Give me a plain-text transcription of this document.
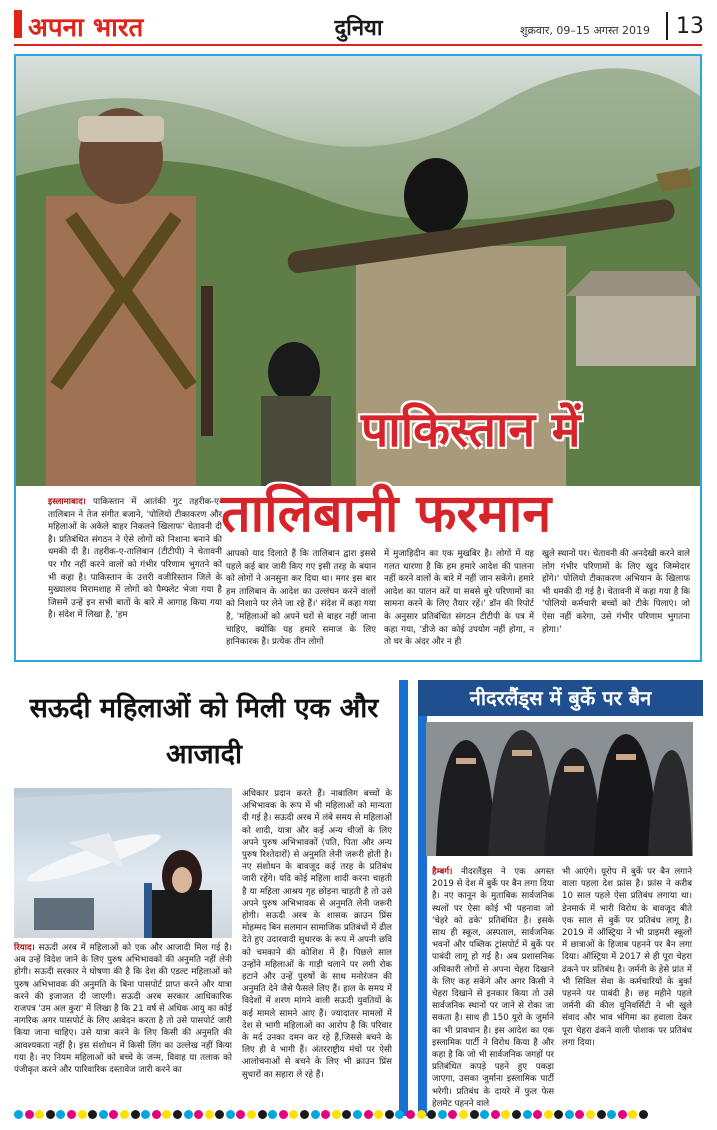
अपना भारत	दुनिया	शुक्रवार, 09–15 अगस्त 2019 13
पाकिस्तान में
तालिबानी फरमान
इस्लामाबाद। पाकिस्तान में आतंकी गुट तहरीक-ए-तालिबान ने तेज संगीत बजाने, 'पोलियो टीकाकरण और महिलाओं के अकेले बाहर निकलने खिलाफ' चेतावनी दी है। प्रतिबंधित संगठन ने ऐसे लोगों को निशाना बनाने की धमकी दी है। तहरीक-ए-तालिबान (टीटीपी) ने चेतावनी पर गौर नहीं करने वालों को गंभीर परिणाम भुगतने को भी कहा है। पाकिस्तान के उत्तरी वजीरिस्तान जिले के मुख्यालय मिरामशाह में लोगों को पैम्फ्लेट भेजा गया है जिसमें उन्हें इन सभी बातों के बारे में आगाह किया गया है। संदेश में लिखा है, 'हम
आपको याद दिलाते हैं कि तालिबान द्वारा इससे पहले कई बार जारी किए गए इसी तरह के बयान को लोगों ने अनसुना कर दिया था। मगर इस बार हम तालिबान के आदेश का उल्लंघन करने वालों को निशाने पर लेने जा रहे हैं।' संदेश में कहा गया है, 'महिलाओं को अपने घरों से बाहर नहीं जाना चाहिए, क्योंकि यह हमारे समाज के लिए हानिकारक है। प्रत्येक तीन लोगों
में मुजाहिदीन का एक मुखबिर है। लोगों में यह गलत धारणा है कि हम हमारे आदेश की पालना नहीं करने वालों के बारे में नहीं जान सकेंगे। हमारे आदेश का पालन करें या सबसे बुरे परिणामों का सामना करने के लिए तैयार रहें।' डॉन की रिपोर्ट के अनुसार प्रतिबंधित संगठन टीटीपी के पत्र में कहा गया, 'डीजे का कोई उपयोग नहीं होगा, न तो घर के अंदर और न ही
खुले स्थानों पर। चेतावनी की अनदेखी करने वाले लोग गंभीर परिणामों के लिए खुद जिम्मेदार होंगे।' पोलियो टीकाकरण अभियान के खिलाफ भी धमकी दी गई है। चेतावनी में कहा गया है कि 'पोलियो कर्मचारी बच्चों को टीके पिलाएं। जो ऐसा नहीं करेगा, उसे गंभीर परिणाम भुगतना होगा।'
सऊदी महिलाओं को मिली एक और आजादी
अधिकार प्रदान करते हैं। नाबालिग बच्चों के अभिभावक के रूप में भी महिलाओं को मान्यता दी गई है। सऊदी अरब में लंबे समय से महिलाओं को शादी, यात्रा और कई अन्य चीजों के लिए अपने पुरुष अभिभावकों (पति, पिता और अन्य पुरुष रिश्तेदारों) से अनुमति लेनी जरूरी होती है। नए संशोधन के बावजूद कई तरह के प्रतिबंध जारी रहेंगे। यदि कोई महिला शादी करना चाहती है या महिला आश्रय गृह छोड़ना चाहती है तो उसे अपने पुरुष अभिभावक से अनुमति लेनी जरूरी होगी। सऊदी अरब के शासक क्राउन प्रिंस मोहम्मद बिन सलमान सामाजिक प्रतिबंधों में ढील देते हुए उदारवादी सुधारक के रूप में अपनी छवि को चमकाने की कोशिश में हैं। पिछले साल उन्होंने महिलाओं के गाड़ी चलाने पर लगी रोक हटाने और उन्हें पुरुषों के साथ मनोरंजन की अनुमति देने जैसे फैसले लिए हैं। हाल के समय में विदेशों में शरण मांगने वाली सऊदी युवतियों के कई मामले सामने आए हैं। ज्यादातर मामलों में देश से भागी महिलाओं का आरोप है कि परिवार के मर्द उनका दमन कर रहे हैं,जिससे बचने के लिए ही वे भागी हैं। अंतरराष्ट्रीय मंचों पर ऐसी आलोचनाओं से बचने के लिए भी क्राउन प्रिंस सुधारों का सहारा ले रहे हैं।
रियाद। सऊदी अरब में महिलाओं को एक और आजादी मिल गई है। अब उन्हें विदेश जाने के लिए पुरुष अभिभावकों की अनुमति नहीं लेनी होगी। सऊदी सरकार ने घोषणा की है कि देश की एडल्ट महिलाओं को पुरुष अभिभावक की अनुमति के बिना पासपोर्ट प्राप्त करने और यात्रा करने की इजाजत दी जाएगी। सऊदी अरब सरकार आधिकारिक राजपत्र 'उम अल कुरा' में लिखा है कि 21 वर्ष से अधिक आयु का कोई नागरिक अगर पासपोर्ट के लिए आवेदन करता है तो उसे पासपोर्ट जारी किया जाना चाहिए। उसे यात्रा करने के लिए किसी की अनुमति की आवश्यकता नहीं है। इस संशोधन में किसी लिंग का उल्लेख नहीं किया गया है। नए नियम महिलाओं को बच्चे के जन्म, विवाह या तलाक को पंजीकृत करने और पारिवारिक दस्तावेज जारी करने का
नीदरलैंड्स में बुर्के पर बैन
हैम्बर्ग। नीदरलैंड्स ने एक अगस्त 2019 से देश में बुर्के पर बैन लगा दिया है। नए कानून के मुताबिक सार्वजनिक स्थलों पर ऐसा कोई भी पहनावा जो 'चेहरे को ढके' प्रतिबंधित है। इसके साथ ही स्कूल, अस्पताल, सार्वजनिक भवनों और पब्लिक ट्रांसपोर्ट में बुर्के पर पाबंदी लागू हो गई है। अब प्रशासनिक अधिकारी लोगों से अपना चेहरा दिखाने के लिए कह सकेंगे और अगर किसी ने चेहरा दिखाने से इनकार किया तो उसे सार्वजनिक स्थानों पर जाने से रोका जा सकता है। साथ ही 150 यूरो के जुर्माने का भी प्रावधान है। इस आदेश का एक इस्लामिक पार्टी ने विरोध किया है और कहा है कि जो भी सार्वजनिक जगहों पर प्रतिबंधित कपड़े पहने हुए पकड़ा जाएगा, उसका जुर्माना इस्लामिक पार्टी भरेगी। प्रतिबंध के दायरे में फुल फेस हेलमेट पहनने वाले
भी आएंगे। यूरोप में बुर्के पर बैन लगाने वाला पहला देश फ्रांस है। फ्रांस ने करीब 10 साल पहले ऐसा प्रतिबंध लगाया था। डेनमार्क में भारी विरोध के बावजूद बीते एक साल से बुर्के पर प्रतिबंध लागू है। 2019 में ऑस्ट्रिया ने भी प्राइमरी स्कूलों में छात्राओं के हिजाब पहनने पर बैन लगा दिया। ऑस्ट्रिया में 2017 से ही पूरा चेहरा ढंकने पर प्रतिबंध है। जर्मनी के हेसे प्रांत में भी सिविल सेवा के कर्मचारियों के बुर्का पहनने पर पाबंदी है। छह महीने पहले जर्मनी की कील यूनिवर्सिटी ने भी खुले संवाद और भाव भंगिमा का हवाला देकर पूरा चेहरा ढंकने वाली पोशाक पर प्रतिबंध लगा दिया।
